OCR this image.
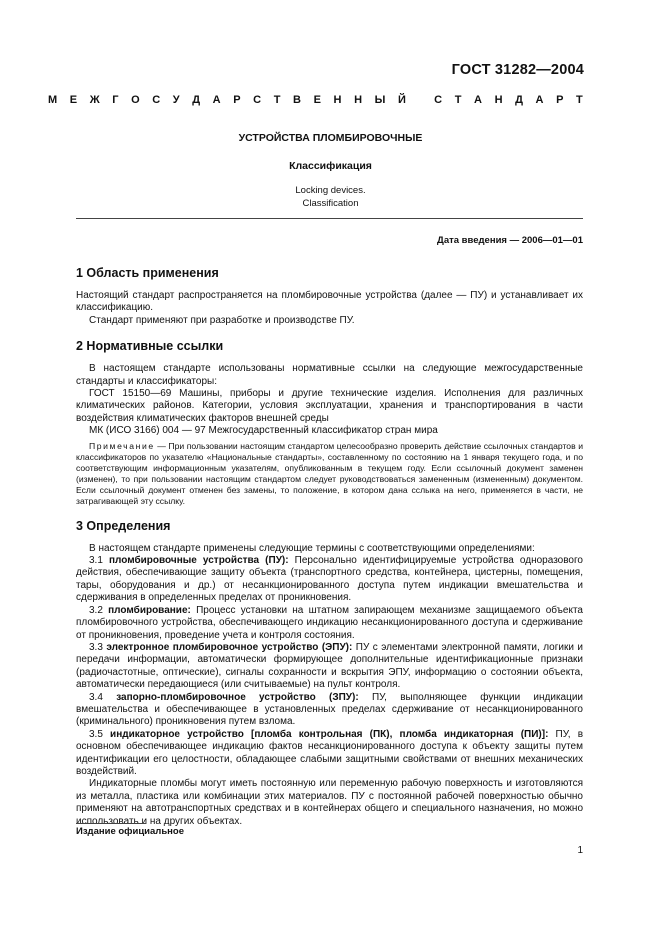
ГОСТ 31282—2004
М Е Ж Г О С У Д А Р С Т В Е Н Н Ы Й
	С Т А Н Д А Р Т
УСТРОЙСТВА ПЛОМБИРОВОЧНЫЕ
Классификация
Locking devices.
Classification
Дата введения — 2006—01—01
1 Область применения

Настоящий стандарт распространяется на пломбировочные устройства (далее — ПУ) и устанавливает их классификацию.

Стандарт применяют при разработке и производстве ПУ.

2 Нормативные ссылки

В настоящем стандарте использованы нормативные ссылки на следующие межгосударственные стандарты и классификаторы:

ГОСТ 15150—69 Машины, приборы и другие технические изделия. Исполнения для различных климатических районов. Категории, условия эксплуатации, хранения и транспортирования в части воздействия климатических факторов внешней среды

МК (ИСО 3166) 004 — 97 Межгосударственный классификатор стран мира

Примечание — При пользовании настоящим стандартом целесообразно проверить действие ссылочных стандартов и классификаторов по указателю «Национальные стандарты», составленному по состоянию на 1 января текущего года, и по соответствующим информационным указателям, опубликованным в текущем году. Если ссылочный документ заменен (изменен), то при пользовании настоящим стандартом следует руководствоваться замененным (измененным) документом. Если ссылочный документ отменен без замены, то положение, в котором дана сслыка на него, применяется в части, не затрагивающей эту ссылку.

3 Определения

В настоящем стандарте применены следующие термины с соответствующими определениями:

3.1 пломбировочные устройства (ПУ): Персонально идентифицируемые устройства одноразового действия, обеспечивающие защиту объекта (транспортного средства, контейнера, цистерны, помещения, тары, оборудования и др.) от несанкционированного доступа путем индикации вмешательства и сдерживания в определенных пределах от проникновения.

3.2 пломбирование: Процесс установки на штатном запирающем механизме защищаемого объекта пломбировочного устройства, обеспечивающего индикацию несанкционированного доступа и сдерживание от проникновения, проведение учета и контроля состояния.

3.3 электронное пломбировочное устройство (ЭПУ): ПУ с элементами электронной памяти, логики и передачи информации, автоматически формирующее дополнительные идентификационные признаки (радиочастотные, оптические), сигналы сохранности и вскрытия ЭПУ, информацию о состоянии объекта, автоматически передающиеся (или считываемые) на пульт контроля.

3.4 запорно-пломбировочное устройство (ЗПУ): ПУ, выполняющее функции индикации вмешательства и обеспечивающее в установленных пределах сдерживание от несанкционированного (криминального) проникновения путем взлома.

3.5 индикаторное устройство [пломба контрольная (ПК), пломба индикаторная (ПИ)]: ПУ, в основном обеспечивающее индикацию фактов несанкционированного доступа к объекту защиты путем идентификации его целостности, обладающее слабыми защитными свойствами от внешних механических воздействий.

Индикаторные пломбы могут иметь постоянную или переменную рабочую поверхность и изготовляются из металла, пластика или комбинации этих материалов. ПУ с постоянной рабочей поверхностью обычно применяют на автотранспортных средствах и в контейнерах общего и специального назначения, но можно использовать и на других объектах.

Издание официальное
1
